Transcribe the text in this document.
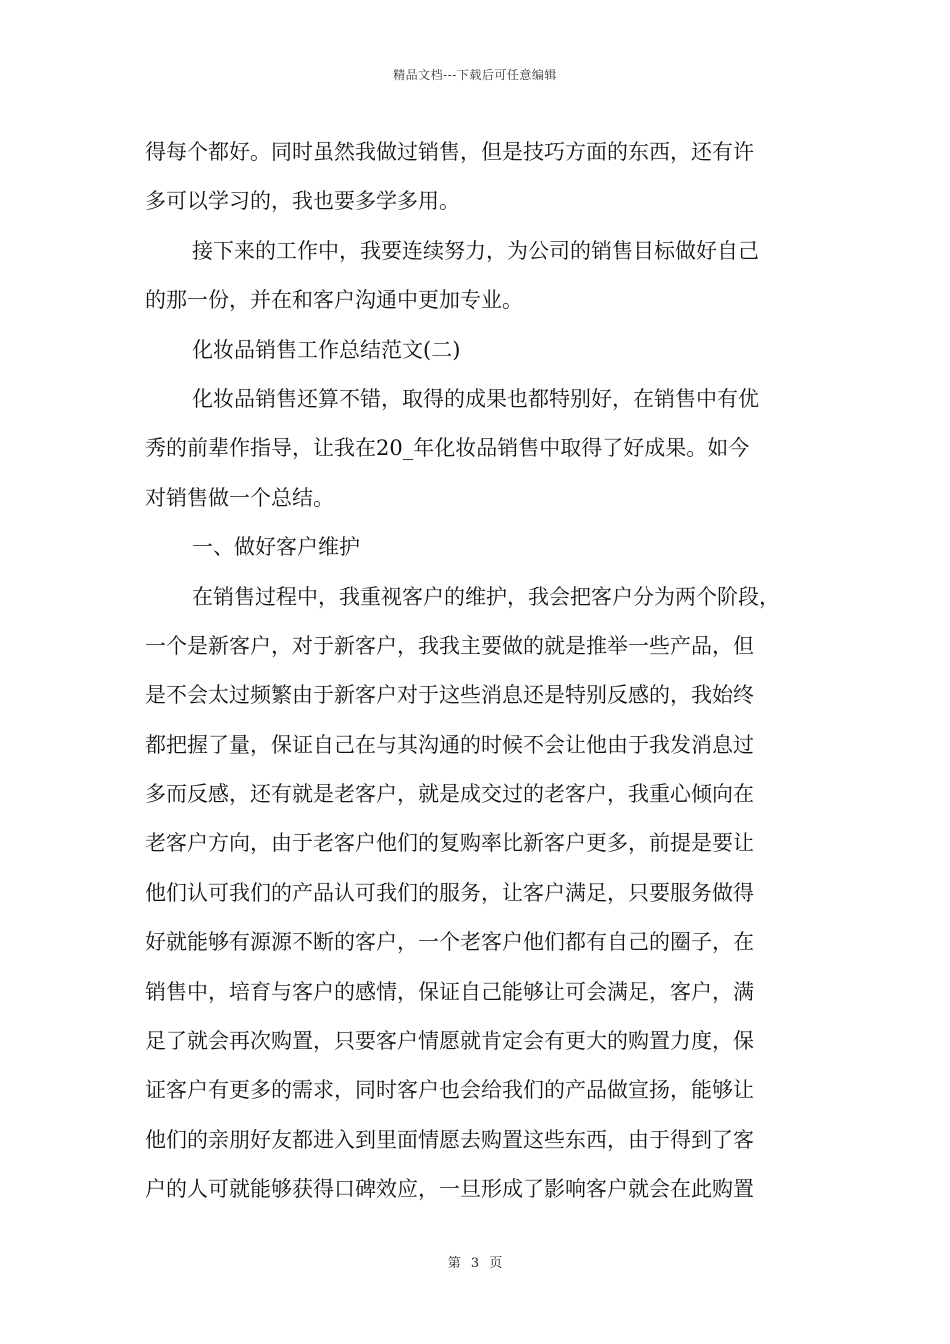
精品文档---下载后可任意编辑
得每个都好。同时虽然我做过销售，但是技巧方面的东西，还有许
多可以学习的，我也要多学多用。
接下来的工作中，我要连续努力，为公司的销售目标做好自己
的那一份，并在和客户沟通中更加专业。
化妆品销售工作总结范文(二)
化妆品销售还算不错，取得的成果也都特别好，在销售中有优
秀的前辈作指导，让我在20_年化妆品销售中取得了好成果。如今
对销售做一个总结。
一、做好客户维护
在销售过程中，我重视客户的维护，我会把客户分为两个阶段，
一个是新客户，对于新客户，我我主要做的就是推举一些产品，但
是不会太过频繁由于新客户对于这些消息还是特别反感的，我始终
都把握了量，保证自己在与其沟通的时候不会让他由于我发消息过
多而反感，还有就是老客户，就是成交过的老客户，我重心倾向在
老客户方向，由于老客户他们的复购率比新客户更多，前提是要让
他们认可我们的产品认可我们的服务，让客户满足，只要服务做得
好就能够有源源不断的客户，一个老客户他们都有自己的圈子，在
销售中，培育与客户的感情，保证自己能够让可会满足，客户，满
足了就会再次购置，只要客户情愿就肯定会有更大的购置力度，保
证客户有更多的需求，同时客户也会给我们的产品做宣扬，能够让
他们的亲朋好友都进入到里面情愿去购置这些东西，由于得到了客
户的人可就能够获得口碑效应，一旦形成了影响客户就会在此购置
第 3 页
